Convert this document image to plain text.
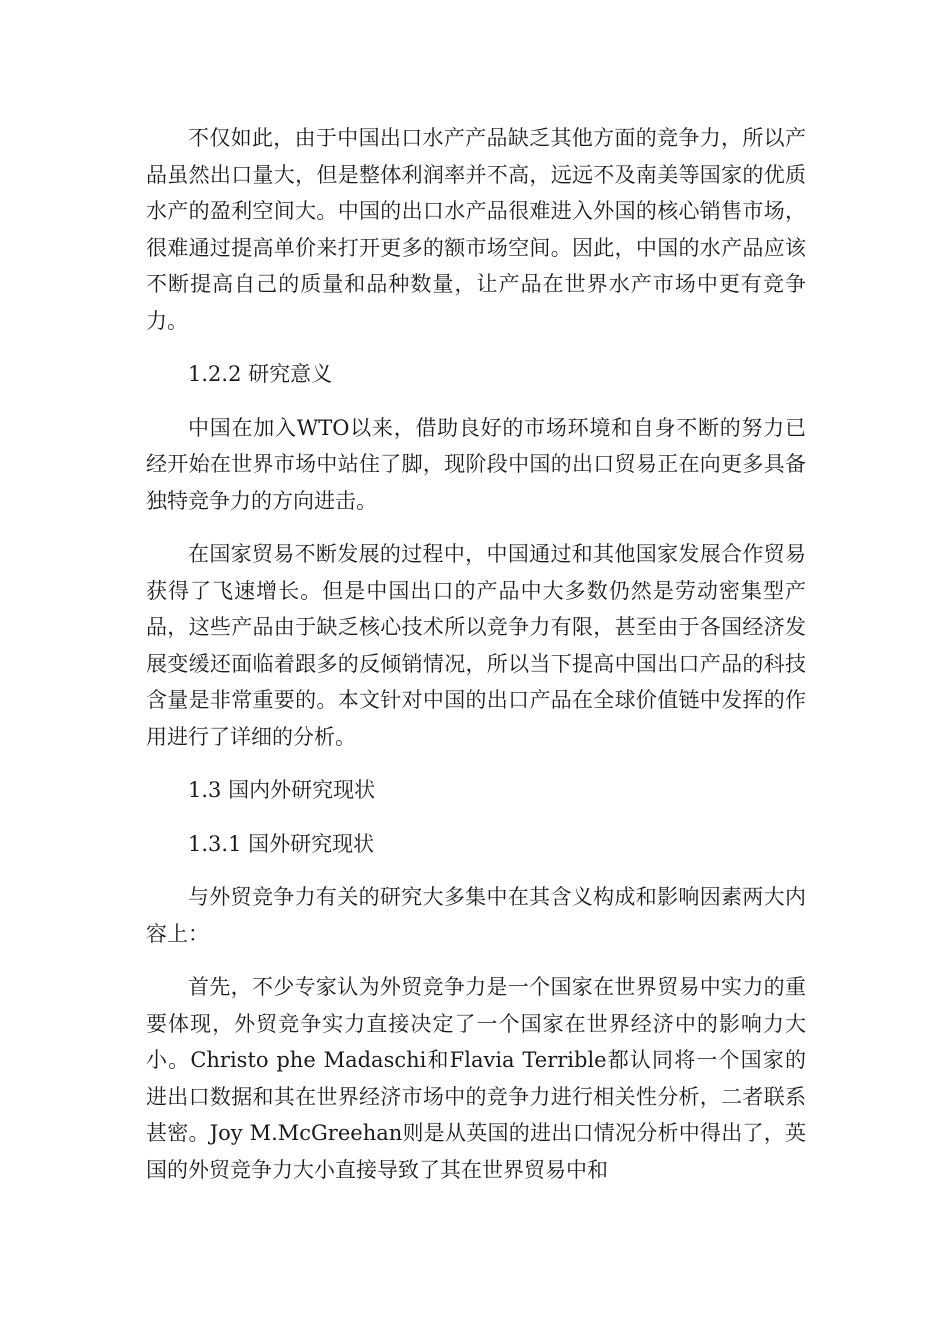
不仅如此，由于中国出口水产产品缺乏其他方面的竞争力，所以产品虽然出口量大，但是整体利润率并不高，远远不及南美等国家的优质水产的盈利空间大。中国的出口水产品很难进入外国的核心销售市场，很难通过提高单价来打开更多的额市场空间。因此，中国的水产品应该不断提高自己的质量和品种数量，让产品在世界水产市场中更有竞争力。

1.2.2 研究意义

中国在加入WTO以来，借助良好的市场环境和自身不断的努力已经开始在世界市场中站住了脚，现阶段中国的出口贸易正在向更多具备独特竞争力的方向进击。

在国家贸易不断发展的过程中，中国通过和其他国家发展合作贸易获得了飞速增长。但是中国出口的产品中大多数仍然是劳动密集型产品，这些产品由于缺乏核心技术所以竞争力有限，甚至由于各国经济发展变缓还面临着跟多的反倾销情况，所以当下提高中国出口产品的科技含量是非常重要的。本文针对中国的出口产品在全球价值链中发挥的作用进行了详细的分析。

1.3 国内外研究现状

1.3.1 国外研究现状

与外贸竞争力有关的研究大多集中在其含义构成和影响因素两大内容上：

首先，不少专家认为外贸竞争力是一个国家在世界贸易中实力的重要体现，外贸竞争实力直接决定了一个国家在世界经济中的影响力大小。Christo phe Madaschi和Flavia Terrible都认同将一个国家的进出口数据和其在世界经济市场中的竞争力进行相关性分析，二者联系甚密。Joy M.McGreehan则是从英国的进出口情况分析中得出了，英国的外贸竞争力大小直接导致了其在世界贸易中和
